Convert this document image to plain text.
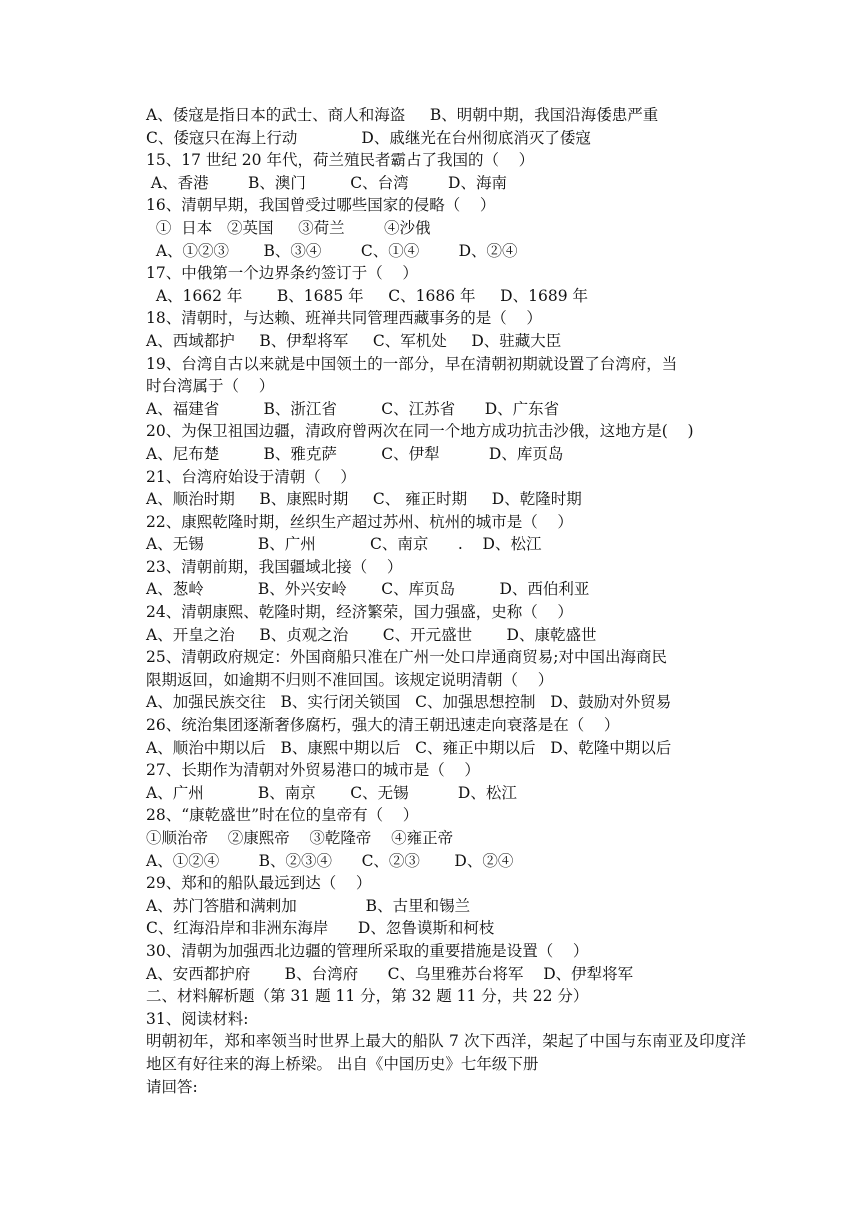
A、倭寇是指日本的武士、商人和海盗     B、明朝中期，我国沿海倭患严重

C、倭寇只在海上行动             D、戚继光在台州彻底消灭了倭寇

15、17 世纪 20 年代，荷兰殖民者霸占了我国的（    ）

A、香港        B、澳门         C、台湾        D、海南

16、清朝早期，我国曾受过哪些国家的侵略（    ）

①  日本   ②英国     ③荷兰        ④沙俄

A、①②③       B、③④        C、①④        D、②④

17、中俄第一个边界条约签订于（    ）

A、1662 年       B、1685 年     C、1686 年     D、1689 年

18、清朝时，与达赖、班禅共同管理西藏事务的是（    ）

A、西域都护     B、伊犁将军     C、军机处     D、驻藏大臣

19、台湾自古以来就是中国领土的一部分，早在清朝初期就设置了台湾府，当

时台湾属于（    ）

A、福建省         B、浙江省         C、江苏省      D、广东省

20、为保卫祖国边疆，清政府曾两次在同一个地方成功抗击沙俄，这地方是(    )

A、尼布楚         B、雅克萨         C、伊犁          D、库页岛

21、台湾府始设于清朝（    ）

A、顺治时期     B、康熙时期     C、 雍正时期     D、乾隆时期

22、康熙乾隆时期，丝织生产超过苏州、杭州的城市是（    ）

A、无锡           B、广州           C、南京      .    D、松江

23、清朝前期，我国疆域北接（    ）

A、葱岭           B、外兴安岭       C、库页岛         D、西伯利亚

24、清朝康熙、乾隆时期，经济繁荣，国力强盛，史称（    ）

A、开皇之治     B、贞观之治       C、开元盛世       D、康乾盛世

25、清朝政府规定：外国商船只准在广州一处口岸通商贸易;对中国出海商民

限期返回，如逾期不归则不准回国。该规定说明清朝（    ）

A、加强民族交往   B、实行闭关锁国   C、加强思想控制   D、鼓励对外贸易

26、统治集团逐渐奢侈腐朽，强大的清王朝迅速走向衰落是在（    ）

A、顺治中期以后   B、康熙中期以后   C、雍正中期以后   D、乾隆中期以后

27、长期作为清朝对外贸易港口的城市是（    ）

A、广州           B、南京       C、无锡          D、松江

28、“康乾盛世”时在位的皇帝有（    ）

①顺治帝    ②康熙帝    ③乾隆帝    ④雍正帝

A、①②④        B、②③④      C、②③       D、②④

29、郑和的船队最远到达（    ）

A、苏门答腊和满剌加              B、古里和锡兰

C、红海沿岸和非洲东海岸      D、忽鲁谟斯和柯枝

30、清朝为加强西北边疆的管理所采取的重要措施是设置（    ）

A、安西都护府       B、台湾府      C、乌里雅苏台将军    D、伊犁将军

二、材料解析题（第 31 题 11 分，第 32 题 11 分，共 22 分）

31、阅读材料:

明朝初年，郑和率领当时世界上最大的船队 7 次下西洋，架起了中国与东南亚及印度洋地区有好往来的海上桥梁。 出自《中国历史》七年级下册

请回答:
